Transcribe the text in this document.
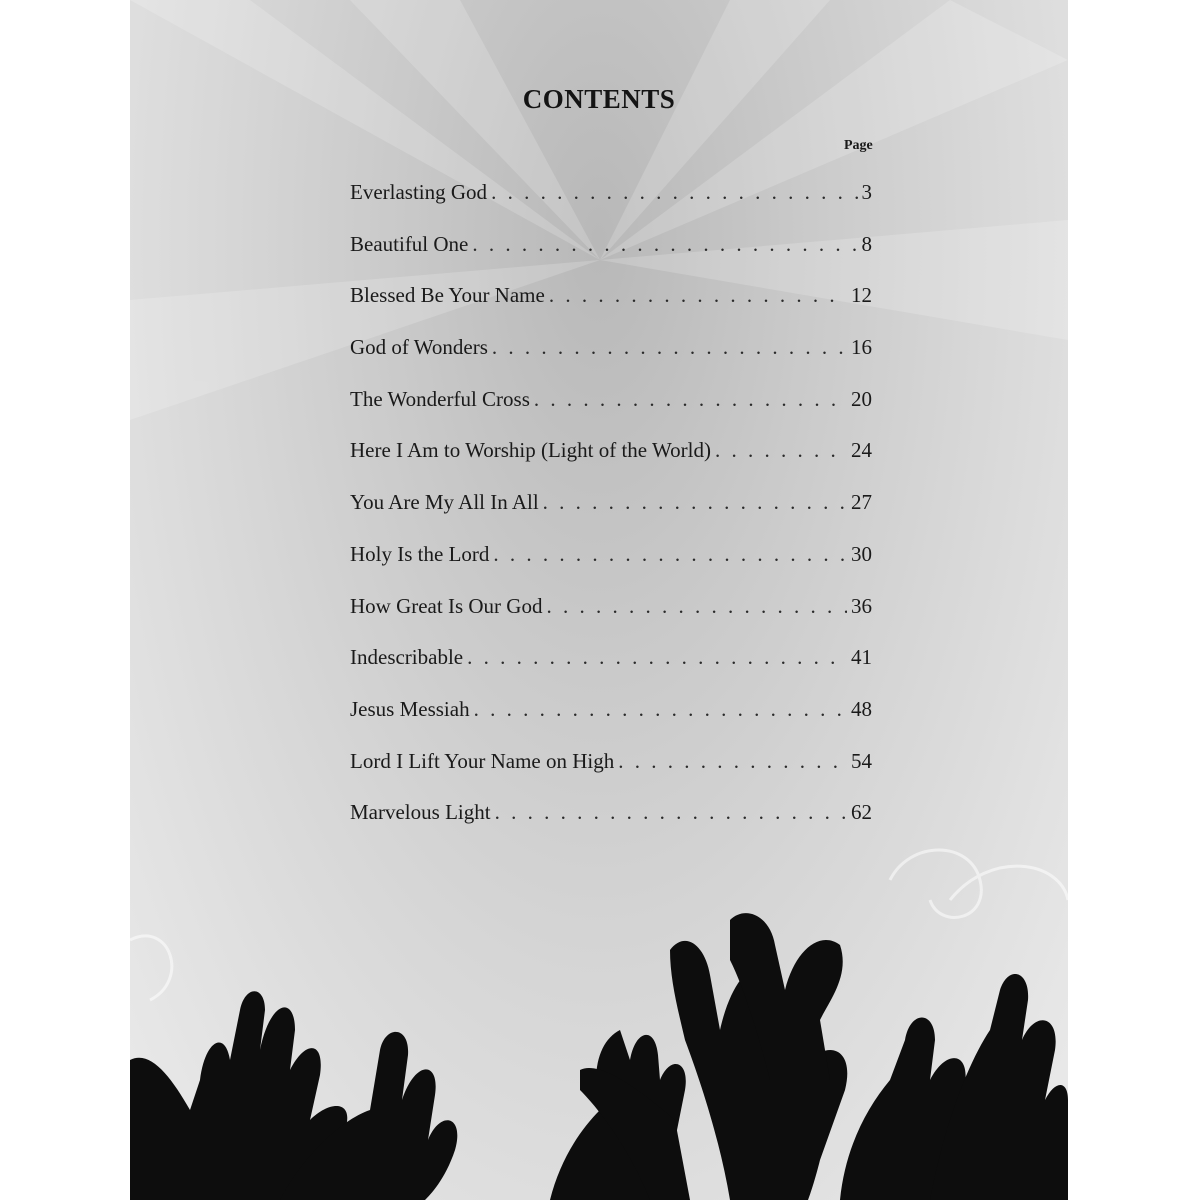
CONTENTS
Page
Everlasting God . . .	3
Beautiful One . . .	8
Blessed Be Your Name . . .	12
God of Wonders . . .	16
The Wonderful Cross . . .	20
Here I Am to Worship (Light of the World) . . .	24
You Are My All In All . . .	27
Holy Is the Lord . . .	30
How Great Is Our God . . .	36
Indescribable . . .	41
Jesus Messiah . . .	48
Lord I Lift Your Name on High . . .	54
Marvelous Light . . .	62
